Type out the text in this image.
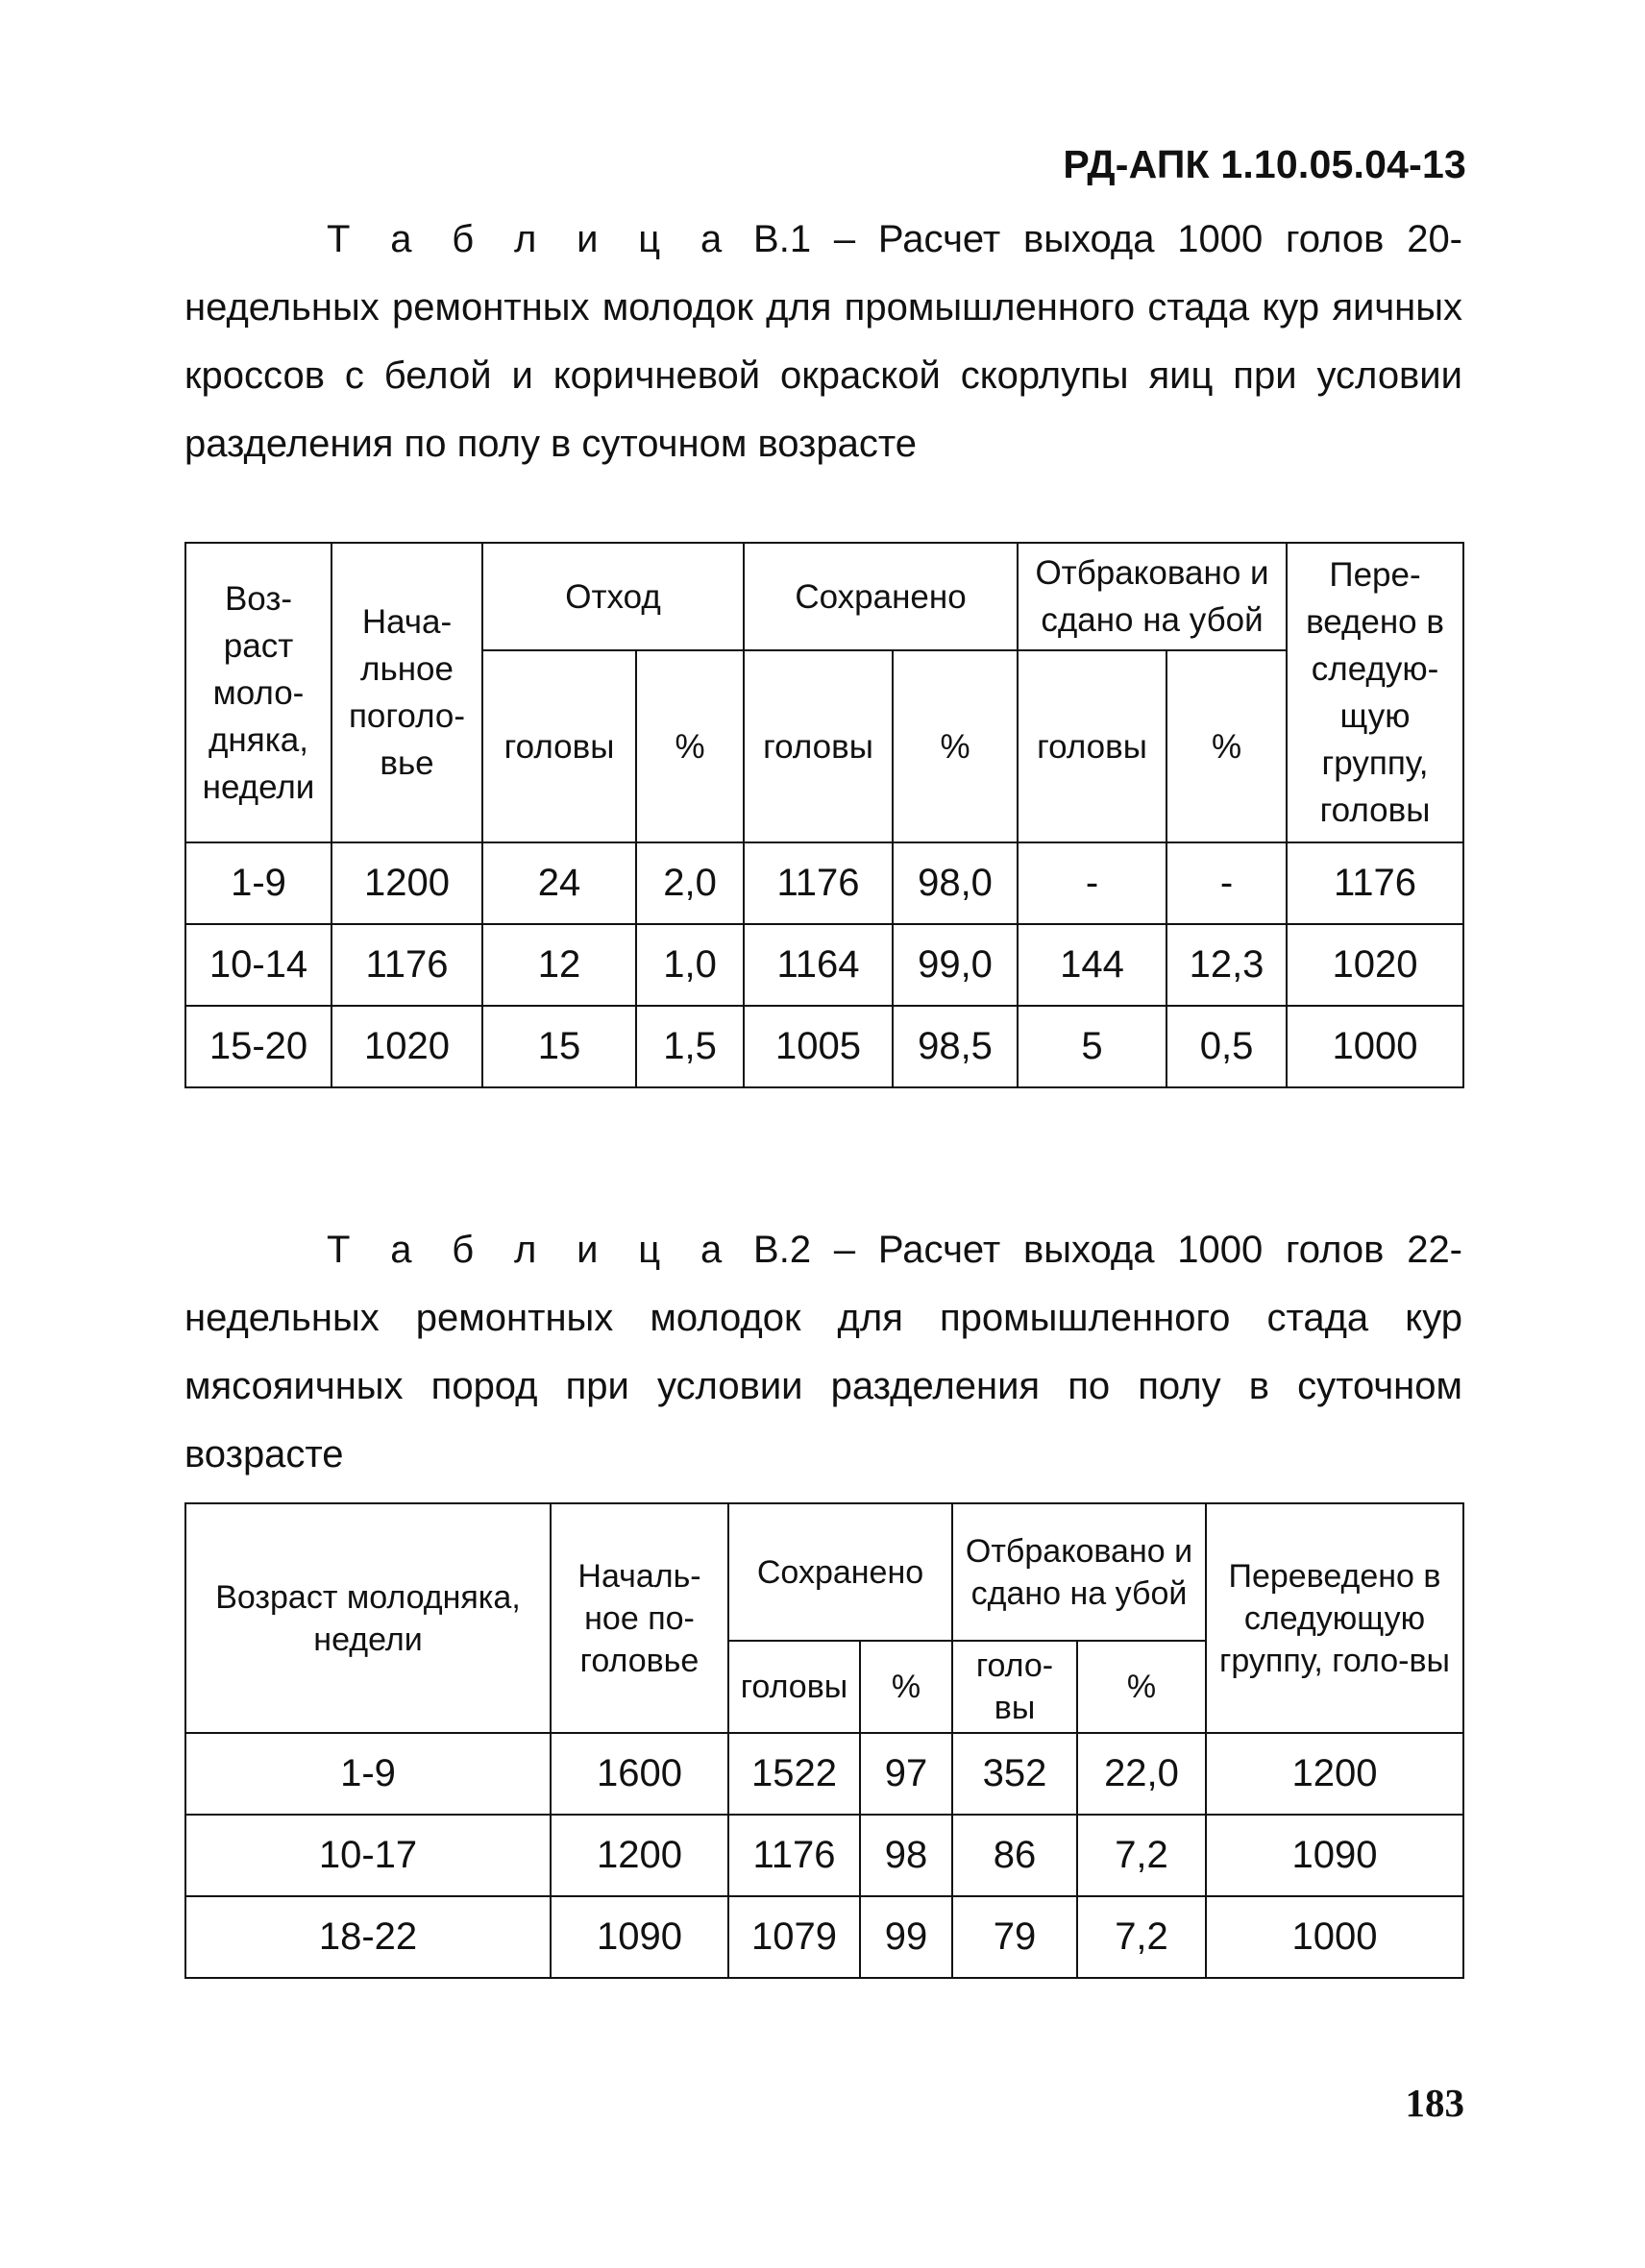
РД-АПК 1.10.05.04-13

Т а б л и ц а В.1 – Расчет выхода 1000 голов 20-недельных ремонтных молодок для промышленного стада кур яичных кроссов с белой и коричневой окраской скорлупы яиц при условии разделения по полу в суточном возрасте

Воз-раст моло-дняка, недели	Нача-льное поголо-вье	Отход		Сохранено		Отбраковано и сдано на убой		Пере-ведено в следую-щую группу, головы
		головы	%	головы	%	головы	%	
1-9	1200	24	2,0	1176	98,0	-	-	1176
10-14	1176	12	1,0	1164	99,0	144	12,3	1020
15-20	1020	15	1,5	1005	98,5	5	0,5	1000

Т а б л и ц а В.2 – Расчет выхода 1000 голов 22-недельных ремонтных молодок для промышленного стада кур мясояичных пород при условии разделения по полу в суточном возрасте

Возраст молодняка, недели	Началь-ное по-головье	Сохранено		Отбраковано и сдано на убой		Переведено в следующую группу, голо-вы
		головы	%	голо-вы	%	
1-9	1600	1522	97	352	22,0	1200
10-17	1200	1176	98	86	7,2	1090
18-22	1090	1079	99	79	7,2	1000

183
